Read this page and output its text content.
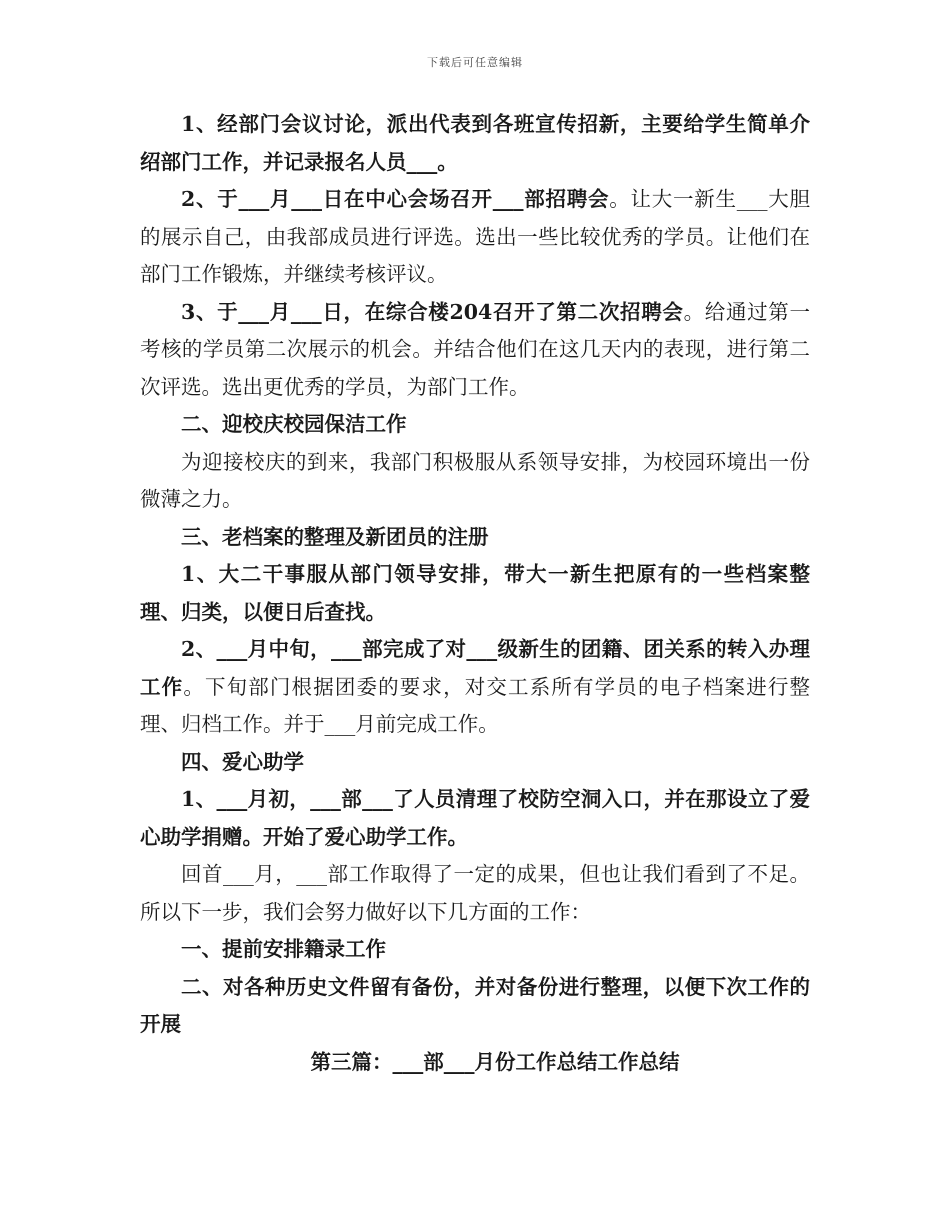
下载后可任意编辑

1、经部门会议讨论，派出代表到各班宣传招新，主要给学生简单介绍部门工作，并记录报名人员___。

2、于___月___日在中心会场召开___部招聘会。让大一新生___大胆的展示自己，由我部成员进行评选。选出一些比较优秀的学员。让他们在部门工作锻炼，并继续考核评议。

3、于___月___日，在综合楼204召开了第二次招聘会。给通过第一考核的学员第二次展示的机会。并结合他们在这几天内的表现，进行第二次评选。选出更优秀的学员，为部门工作。

二、迎校庆校园保洁工作

为迎接校庆的到来，我部门积极服从系领导安排，为校园环境出一份微薄之力。

三、老档案的整理及新团员的注册

1、大二干事服从部门领导安排，带大一新生把原有的一些档案整理、归类，以便日后查找。

2、___月中旬，___部完成了对___级新生的团籍、团关系的转入办理工作。下旬部门根据团委的要求，对交工系所有学员的电子档案进行整理、归档工作。并于___月前完成工作。

四、爱心助学

1、___月初，___部___了人员清理了校防空洞入口，并在那设立了爱心助学捐赠。开始了爱心助学工作。

回首___月，___部工作取得了一定的成果，但也让我们看到了不足。所以下一步，我们会努力做好以下几方面的工作：

一、提前安排籍录工作

二、对各种历史文件留有备份，并对备份进行整理，以便下次工作的开展

第三篇：___部___月份工作总结工作总结
